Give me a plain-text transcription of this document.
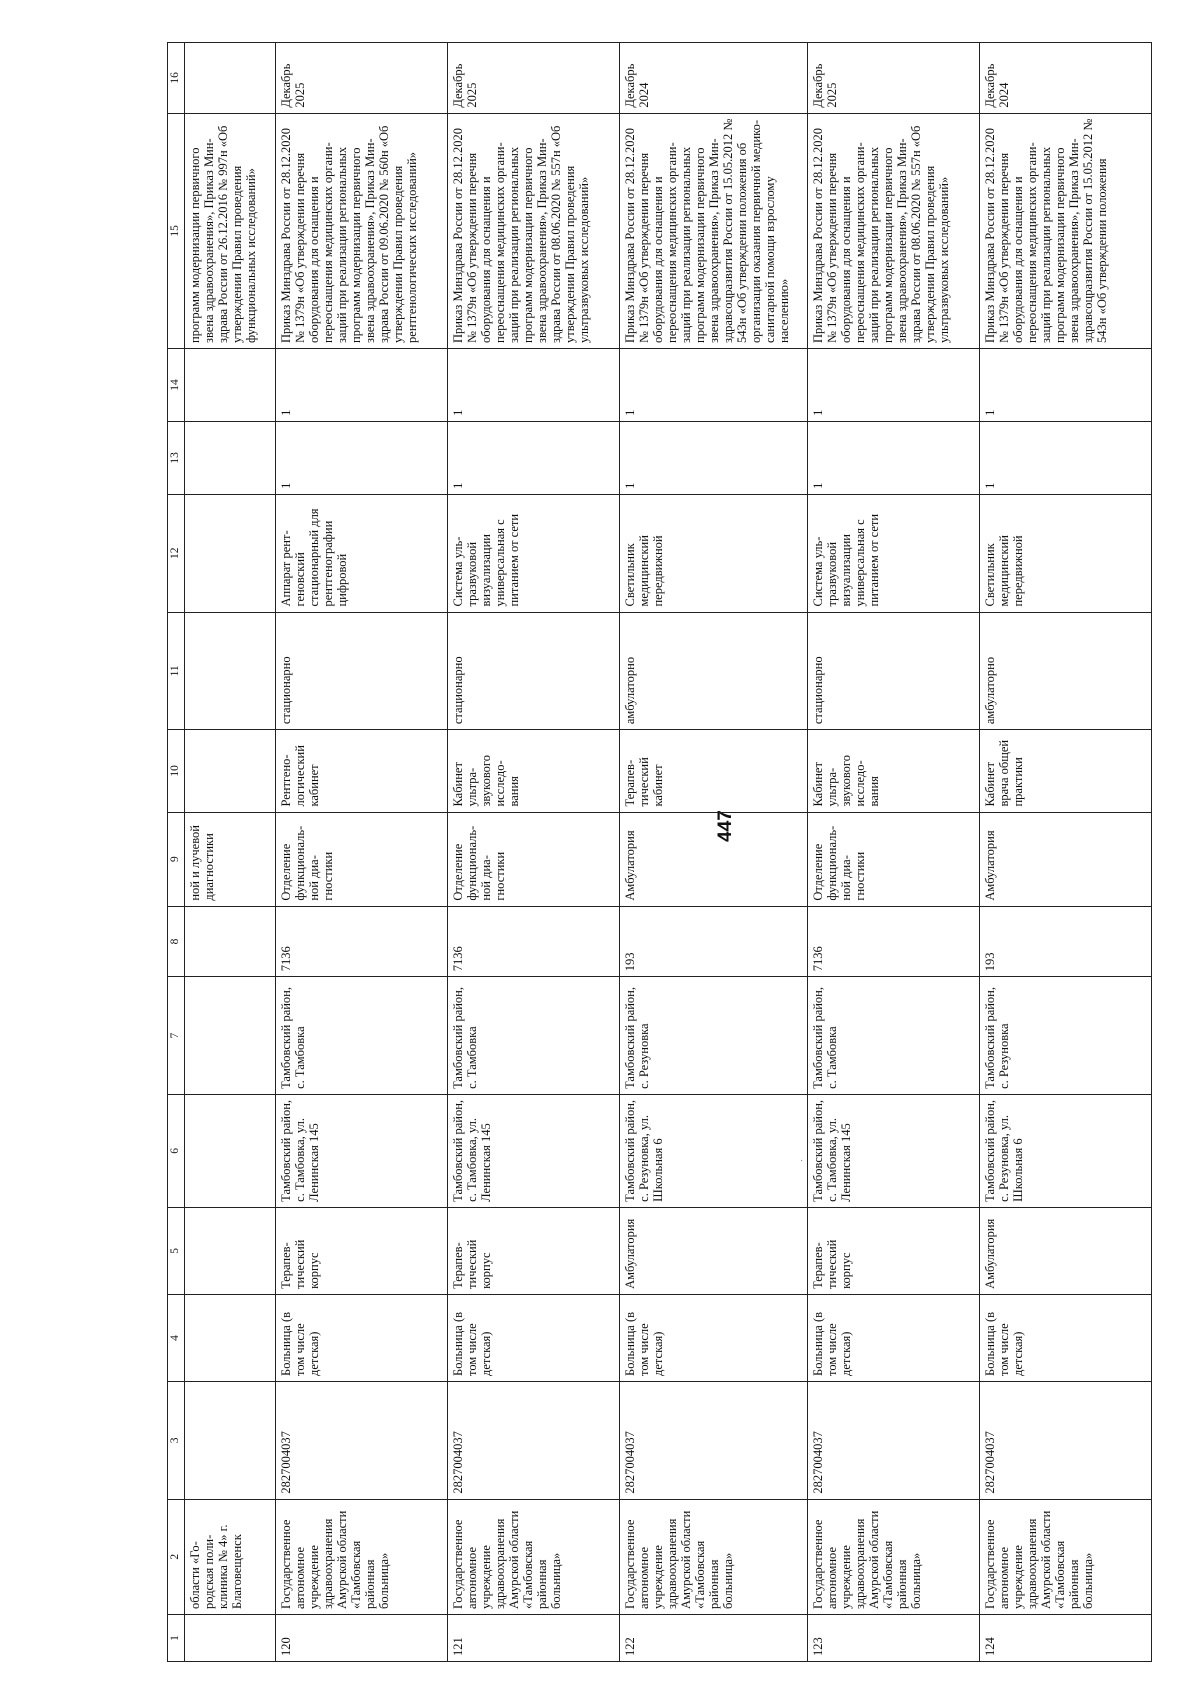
447
·
1	2	3	4	5	6	7	8	9	10	11	12	13	14	15	16
	области «Городская поликлиника № 4» г. Благовещенск							ной и лучевой диагностики						программ модернизации первичного звена здравоохранения», Приказ Минздрава России от 26.12.2016 № 997н «Об утверждении Правил проведения функциональных исследований»	
120	Государственное автономное учреждение здравоохранения Амурской области «Тамбовская районная больница»	2827004037	Больница (в том числе детская)	Терапевтический корпус	Тамбовский район, с. Тамбовка, ул. Ленинская 145	Тамбовский район, с. Тамбовка	7136	Отделение функциональной диагностики	Рентгенологический кабинет	стационарно	Аппарат рентгеновский стационарный для рентгенографии цифровой	1	1	Приказ Минздрава России от 28.12.2020 № 1379н «Об утверждении перечня оборудования для оснащения и переоснащения медицинских организаций при реализации региональных программ модернизации первичного звена здравоохранения», Приказ Минздрава России от 09.06.2020 № 560н «Об утверждении Правил проведения рентгенологических исследований»	Декабрь 2025
121	Государственное автономное учреждение здравоохранения Амурской области «Тамбовская районная больница»	2827004037	Больница (в том числе детская)	Терапевтический корпус	Тамбовский район, с. Тамбовка, ул. Ленинская 145	Тамбовский район, с. Тамбовка	7136	Отделение функциональной диагностики	Кабинет ультразвукового исследования	стационарно	Система ультразвуковой визуализации универсальная с питанием от сети	1	1	Приказ Минздрава России от 28.12.2020 № 1379н «Об утверждении перечня оборудования для оснащения и переоснащения медицинских организаций при реализации региональных программ модернизации первичного звена здравоохранения», Приказ Минздрава России от 08.06.2020 № 557н «Об утверждении Правил проведения ультразвуковых исследований»	Декабрь 2025
122	Государственное автономное учреждение здравоохранения Амурской области «Тамбовская районная больница»	2827004037	Больница (в том числе детская)	Амбулатория	Тамбовский район, с. Резуновка, ул. Школьная 6	Тамбовский район, с. Резуновка	193	Амбулатория	Терапевтический кабинет	амбулаторно	Светильник медицинский передвижной	1	1	Приказ Минздрава России от 28.12.2020 № 1379н «Об утверждении перечня оборудования для оснащения и переоснащения медицинских организаций при реализации региональных программ модернизации первичного звена здравоохранения», Приказ Минздравсоцразвития России от 15.05.2012 № 543н «Об утверждении положения об организации оказания первичной медико-санитарной помощи взрослому населению»	Декабрь 2024
123	Государственное автономное учреждение здравоохранения Амурской области «Тамбовская районная больница»	2827004037	Больница (в том числе детская)	Терапевтический корпус	Тамбовский район, с. Тамбовка, ул. Ленинская 145	Тамбовский район, с. Тамбовка	7136	Отделение функциональной диагностики	Кабинет ультразвукового исследования	стационарно	Система ультразвуковой визуализации универсальная с питанием от сети	1	1	Приказ Минздрава России от 28.12.2020 № 1379н «Об утверждении перечня оборудования для оснащения и переоснащения медицинских организаций при реализации региональных программ модернизации первичного звена здравоохранения», Приказ Минздрава России от 08.06.2020 № 557н «Об утверждении Правил проведения ультразвуковых исследований»	Декабрь 2025
124	Государственное автономное учреждение здравоохранения Амурской области «Тамбовская районная больница»	2827004037	Больница (в том числе детская)	Амбулатория	Тамбовский район, с. Резуновка, ул. Школьная 6	Тамбовский район, с. Резуновка	193	Амбулатория	Кабинет врача общей практики	амбулаторно	Светильник медицинский передвижной	1	1	Приказ Минздрава России от 28.12.2020 № 1379н «Об утверждении перечня оборудования для оснащения и переоснащения медицинских организаций при реализации региональных программ модернизации первичного звена здравоохранения», Приказ Минздравсоцразвития России от 15.05.2012 № 543н «Об утверждении положения	Декабрь 2024
